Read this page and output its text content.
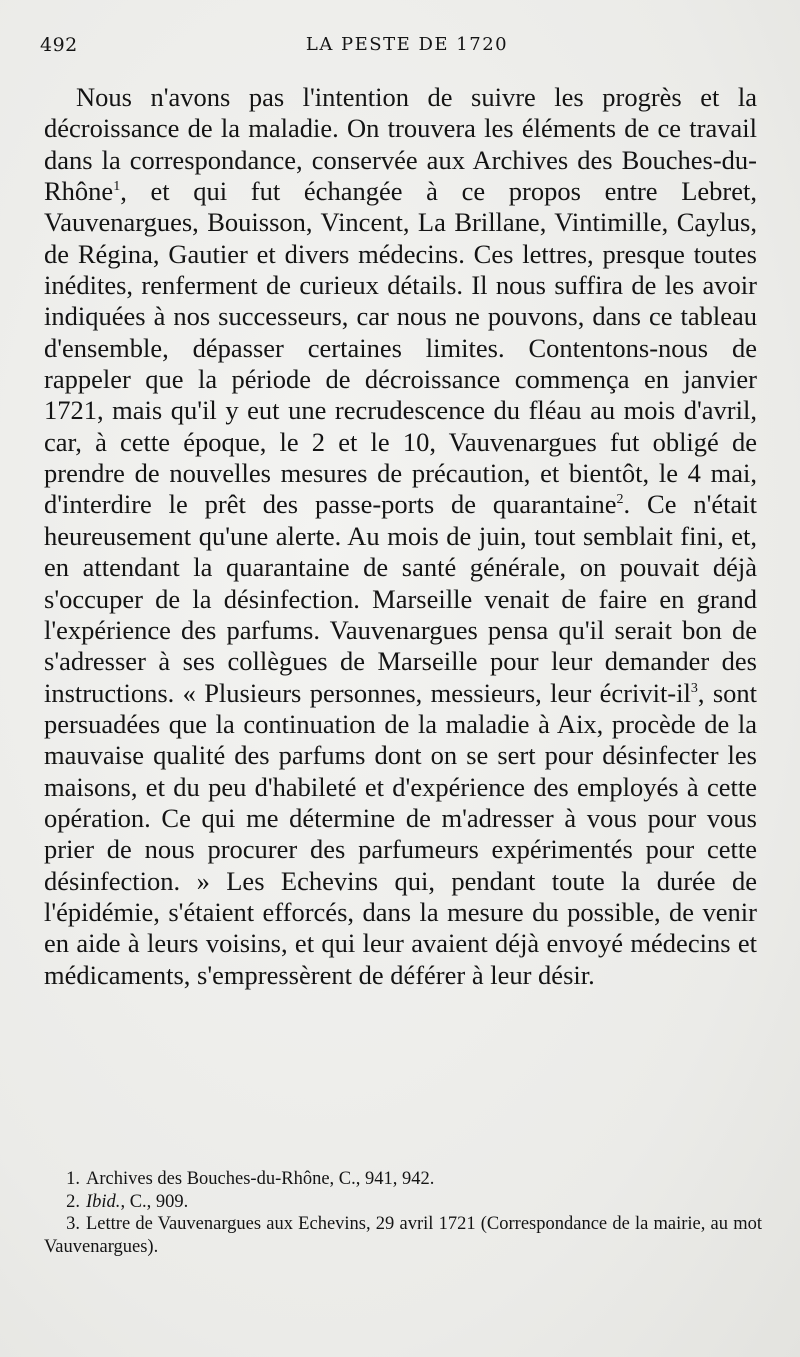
492	LA PESTE DE 1720

Nous n'avons pas l'intention de suivre les progrès et la décroissance de la maladie. On trouvera les éléments de ce travail dans la correspondance, conservée aux Archives des Bouches-du-Rhône$^1$, et qui fut échangée à ce propos entre Lebret, Vauvenargues, Bouisson, Vincent, La Brillane, Vintimille, Caylus, de Régina, Gautier et divers médecins. Ces lettres, presque toutes inédites, renferment de curieux détails. Il nous suffira de les avoir indiquées à nos successeurs, car nous ne pouvons, dans ce tableau d'ensemble, dépasser certaines limites. Contentons-nous de rappeler que la période de décroissance commença en janvier 1721, mais qu'il y eut une recrudescence du fléau au mois d'avril, car, à cette époque, le 2 et le 10, Vauvenargues fut obligé de prendre de nouvelles mesures de précaution, et bientôt, le 4 mai, d'interdire le prêt des passe-ports de quarantaine$^2$. Ce n'était heureusement qu'une alerte. Au mois de juin, tout semblait fini, et, en attendant la quarantaine de santé générale, on pouvait déjà s'occuper de la désinfection. Marseille venait de faire en grand l'expérience des parfums. Vauvenargues pensa qu'il serait bon de s'adresser à ses collègues de Marseille pour leur demander des instructions. « Plusieurs personnes, messieurs, leur écrivit-$il^3$, sont persuadées que la continuation de la maladie à Aix, procède de la mauvaise qualité des parfums dont on se sert pour désinfecter les maisons, et du peu d'habileté et d'expérience des employés à cette opération. Ce qui me détermine de m'adresser à vous pour vous prier de nous procurer des parfumeurs expérimentés pour cette désinfection. » Les Echevins qui, pendant toute la durée de l'épidémie, s'étaient efforcés, dans la mesure du possible, de venir en aide à leurs voisins, et qui leur avaient déjà envoyé médecins et médicaments, s'empressèrent de déférer à leur désir.

1. Archives des Bouches-du-Rhône, C., 941, 942.

2. Ibid., C., 909.

3. Lettre de Vauvenargues aux Echevins, 29 avril 1721 (Correspondance de la mairie, au mot Vauvenargues).
